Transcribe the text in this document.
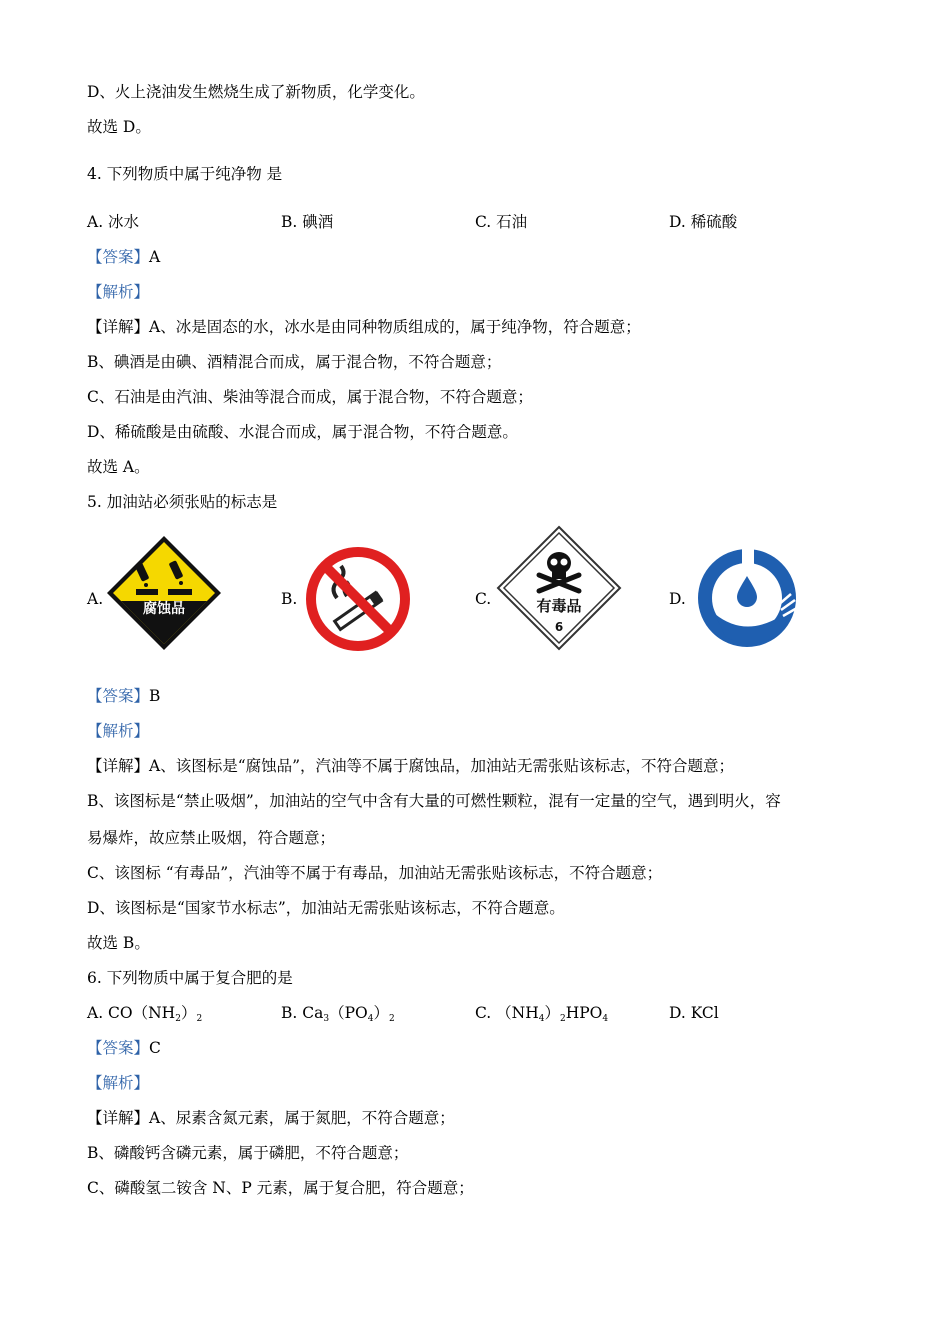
D、火上浇油发生燃烧生成了新物质，化学变化。
故选 D。
4. 下列物质中属于纯净物 是
A. 冰水	B. 碘酒	C. 石油	D. 稀硫酸
【答案】A
【解析】
【详解】A、冰是固态的水，冰水是由同种物质组成的，属于纯净物，符合题意；
B、碘酒是由碘、酒精混合而成，属于混合物，不符合题意；
C、石油是由汽油、柴油等混合而成，属于混合物，不符合题意；
D、稀硫酸是由硫酸、水混合而成，属于混合物，不符合题意。
故选 A。
5. 加油站必须张贴的标志是
A.
腐蚀品
B.	C.	有毒品
6
D.
【答案】B
【解析】
【详解】A、该图标是“腐蚀品”，汽油等不属于腐蚀品，加油站无需张贴该标志，不符合题意；
B、该图标是“禁止吸烟”，加油站的空气中含有大量的可燃性颗粒，混有一定量的空气，遇到明火，容
易爆炸，故应禁止吸烟，符合题意；
C、该图标 “有毒品”，汽油等不属于有毒品，加油站无需张贴该标志，不符合题意；
D、该图标是“国家节水标志”，加油站无需张贴该标志，不符合题意。
故选 B。
6. 下列物质中属于复合肥的是
A. $CO(NH_2)_2$	B. $Ca_3(PO_4)_2$	C. $(NH_4)_2HPO_4$	D. KCl
【答案】C
【解析】
【详解】A、尿素含氮元素，属于氮肥，不符合题意；
B、磷酸钙含磷元素，属于磷肥，不符合题意；
C、磷酸氢二铵含 N、P 元素，属于复合肥，符合题意；
